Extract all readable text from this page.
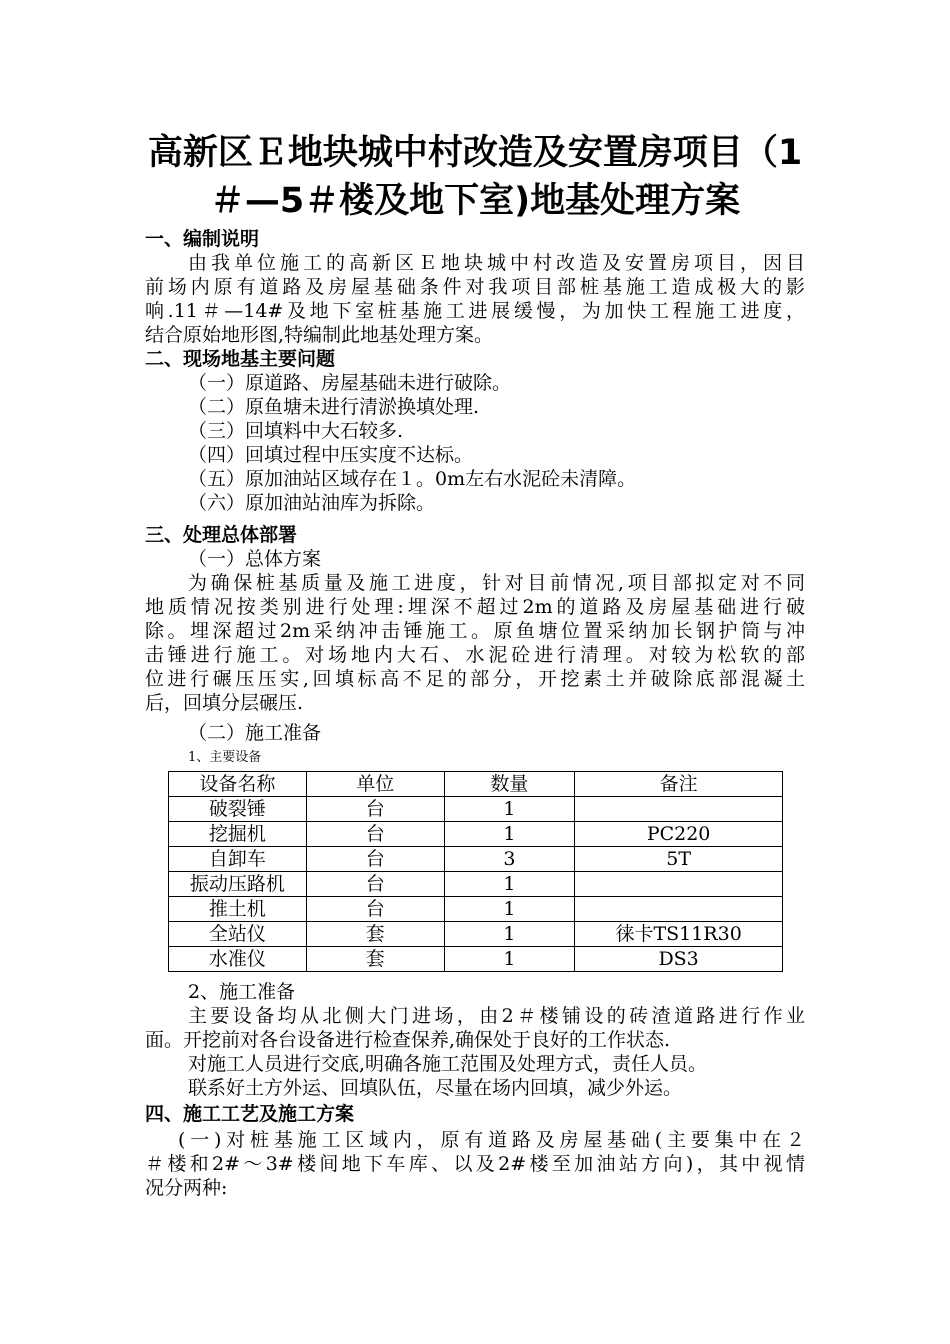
高新区Ｅ地块城中村改造及安置房项目（1
＃—5＃楼及地下室)地基处理方案
一、编制说明
由我单位施工的高新区Ｅ地块城中村改造及安置房项目，因目
前场内原有道路及房屋基础条件对我项目部桩基施工造成极大的影
响.11＃—14#及地下室桩基施工进展缓慢，为加快工程施工进度，
结合原始地形图,特编制此地基处理方案。
二、现场地基主要问题
（一）原道路、房屋基础未进行破除。
（二）原鱼塘未进行清淤换填处理.
（三）回填料中大石较多.
（四）回填过程中压实度不达标。
（五）原加油站区域存在１。0m左右水泥砼未清障。
（六）原加油站油库为拆除。
三、处理总体部署
（一）总体方案
为确保桩基质量及施工进度，针对目前情况,项目部拟定对不同
地质情况按类别进行处理:埋深不超过2m的道路及房屋基础进行破
除。埋深超过2m采纳冲击锤施工。原鱼塘位置采纳加长钢护筒与冲
击锤进行施工。对场地内大石、水泥砼进行清理。对较为松软的部
位进行碾压压实,回填标高不足的部分，开挖素土并破除底部混凝土
后，回填分层碾压.
（二）施工准备
1、主要设备
设备名称	单位	数量	备注
破裂锤	台	1	
挖掘机	台	1	PC220
自卸车	台	3	5T
振动压路机	台	1	
推土机	台	1	
全站仪	套	1	徕卡TS11R30
水准仪	套	1	DS3
2、施工准备
主要设备均从北侧大门进场，由2＃楼铺设的砖渣道路进行作业
面。开挖前对各台设备进行检查保养,确保处于良好的工作状态.
对施工人员进行交底,明确各施工范围及处理方式，责任人员。
联系好土方外运、回填队伍，尽量在场内回填，减少外运。
四、施工工艺及施工方案
(一)对桩基施工区域内，原有道路及房屋基础(主要集中在２
＃楼和2#～3#楼间地下车库、以及2#楼至加油站方向)，其中视情
况分两种:
